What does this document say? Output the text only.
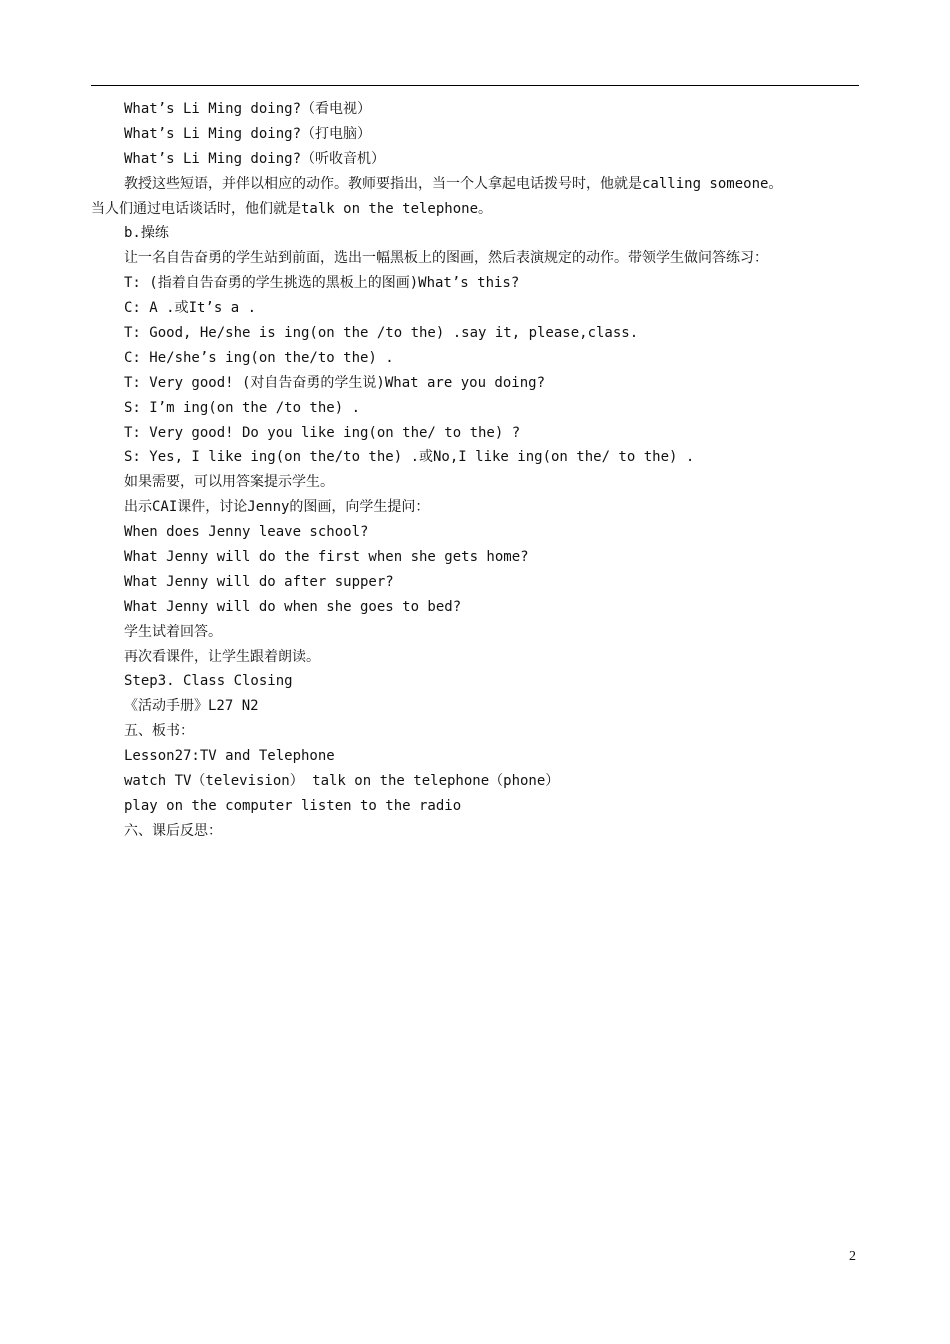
What’s Li Ming doing?（看电视）
What’s Li Ming doing?（打电脑）
What’s Li Ming doing?（听收音机）
教授这些短语，并伴以相应的动作。教师要指出，当一个人拿起电话拨号时，他就是calling someone。
当人们通过电话谈话时，他们就是talk on the telephone。
b.操练
让一名自告奋勇的学生站到前面，选出一幅黑板上的图画，然后表演规定的动作。带领学生做问答练习：
T: (指着自告奋勇的学生挑选的黑板上的图画)What’s this?
C: A .或It’s a .
T: Good, He/she is ing(on the /to the) .say it, please,class.
C: He/she’s ing(on the/to the) .
T: Very good! (对自告奋勇的学生说)What are you doing?
S: I’m ing(on the /to the) .
T: Very good! Do you like ing(on the/ to the) ?
S: Yes, I like ing(on the/to the) .或No,I like ing(on the/ to the) .
如果需要，可以用答案提示学生。
出示CAI课件，讨论Jenny的图画，向学生提问：
When does Jenny leave school?
What Jenny will do the first when she gets home?
What Jenny will do after supper?
What Jenny will do when she goes to bed?
学生试着回答。
再次看课件，让学生跟着朗读。
Step3. Class Closing
《活动手册》L27 N2
五、板书：
Lesson27:TV and Telephone
watch TV（television） talk on the telephone（phone）
play on the computer listen to the radio
六、课后反思：
2
